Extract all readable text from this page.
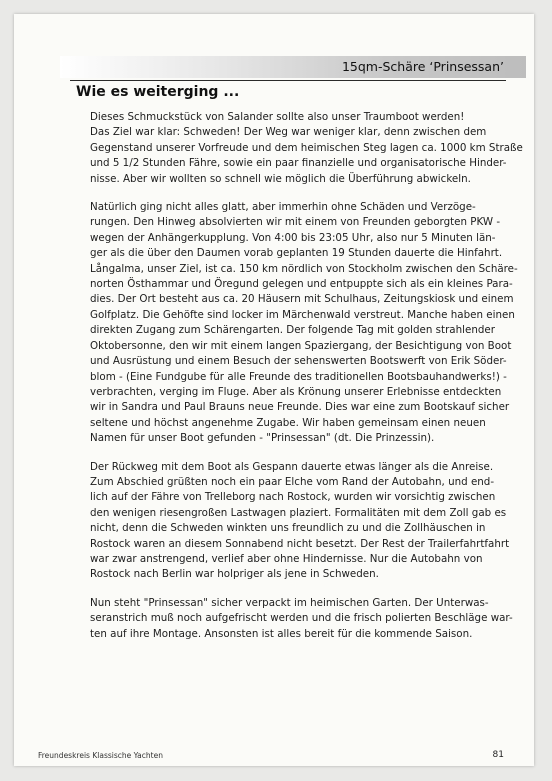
15qm-Schäre ‘Prinsessan’
Wie es weiterging ...

Dieses Schmuckstück von Salander sollte also unser Traumboot werden!
Das Ziel war klar: Schweden! Der Weg war weniger klar, denn zwischen dem
Gegenstand unserer Vorfreude und dem heimischen Steg lagen ca. 1000 km Straße
und 5 1/2 Stunden Fähre, sowie ein paar finanzielle und organisatorische Hinder-
nisse. Aber wir wollten so schnell wie möglich die Überführung abwickeln.

Natürlich ging nicht alles glatt, aber immerhin ohne Schäden und Verzöge-
rungen. Den Hinweg absolvierten wir mit einem von Freunden geborgten PKW -
wegen der Anhängerkupplung. Von 4:00 bis 23:05 Uhr, also nur 5 Minuten län-
ger als die über den Daumen vorab geplanten 19 Stunden dauerte die Hinfahrt.
Långalma, unser Ziel, ist ca. 150 km nördlich von Stockholm zwischen den Schäre-
norten Östhammar und Öregund gelegen und entpuppte sich als ein kleines Para-
dies. Der Ort besteht aus ca. 20 Häusern mit Schulhaus, Zeitungskiosk und einem
Golfplatz. Die Gehöfte sind locker im Märchenwald verstreut. Manche haben einen
direkten Zugang zum Schärengarten. Der folgende Tag mit golden strahlender
Oktobersonne, den wir mit einem langen Spaziergang, der Besichtigung von Boot
und Ausrüstung und einem Besuch der sehenswerten Bootswerft von Erik Söder-
blom - (Eine Fundgube für alle Freunde des traditionellen Bootsbauhandwerks!) -
verbrachten, verging im Fluge. Aber als Krönung unserer Erlebnisse entdeckten
wir in Sandra und Paul Brauns neue Freunde. Dies war eine zum Bootskauf sicher
seltene und höchst angenehme Zugabe. Wir haben gemeinsam einen neuen
Namen für unser Boot gefunden - "Prinsessan" (dt. Die Prinzessin).

Der Rückweg mit dem Boot als Gespann dauerte etwas länger als die Anreise.
Zum Abschied grüßten noch ein paar Elche vom Rand der Autobahn, und end-
lich auf der Fähre von Trelleborg nach Rostock, wurden wir vorsichtig zwischen
den wenigen riesengroßen Lastwagen plaziert. Formalitäten mit dem Zoll gab es
nicht, denn die Schweden winkten uns freundlich zu und die Zollhäuschen in
Rostock waren an diesem Sonnabend nicht besetzt. Der Rest der Trailerfahrtfahrt
war zwar anstrengend, verlief aber ohne Hindernisse. Nur die Autobahn von
Rostock nach Berlin war holpriger als jene in Schweden.

Nun steht "Prinsessan" sicher verpackt im heimischen Garten. Der Unterwas-
seranstrich muß noch aufgefrischt werden und die frisch polierten Beschläge war-
ten auf ihre Montage. Ansonsten ist alles bereit für die kommende Saison.

Freundeskreis Klassische Yachten	81
